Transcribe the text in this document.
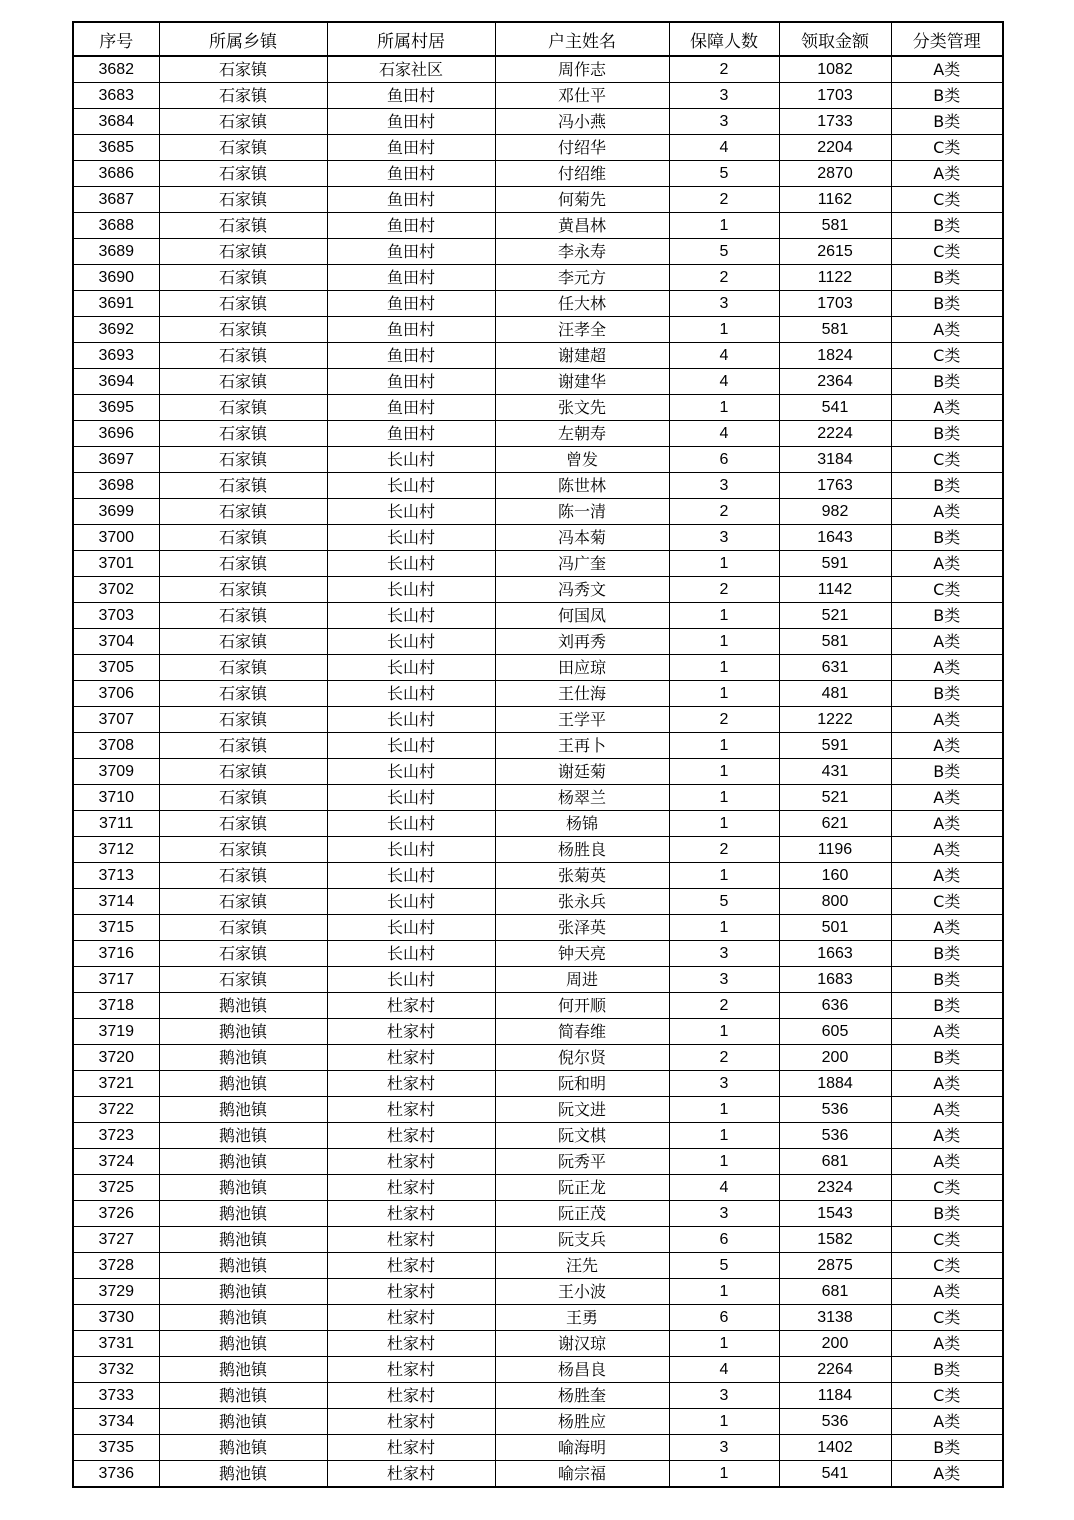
序号	所属乡镇	所属村居	户主姓名	保障人数	领取金额	分类管理
3682	石家镇	石家社区	周作志	2	1082	A类
3683	石家镇	鱼田村	邓仕平	3	1703	B类
3684	石家镇	鱼田村	冯小燕	3	1733	B类
3685	石家镇	鱼田村	付绍华	4	2204	C类
3686	石家镇	鱼田村	付绍维	5	2870	A类
3687	石家镇	鱼田村	何菊先	2	1162	C类
3688	石家镇	鱼田村	黄昌林	1	581	B类
3689	石家镇	鱼田村	李永寿	5	2615	C类
3690	石家镇	鱼田村	李元方	2	1122	B类
3691	石家镇	鱼田村	任大林	3	1703	B类
3692	石家镇	鱼田村	汪孝全	1	581	A类
3693	石家镇	鱼田村	谢建超	4	1824	C类
3694	石家镇	鱼田村	谢建华	4	2364	B类
3695	石家镇	鱼田村	张文先	1	541	A类
3696	石家镇	鱼田村	左朝寿	4	2224	B类
3697	石家镇	长山村	曾发	6	3184	C类
3698	石家镇	长山村	陈世林	3	1763	B类
3699	石家镇	长山村	陈一清	2	982	A类
3700	石家镇	长山村	冯本菊	3	1643	B类
3701	石家镇	长山村	冯广奎	1	591	A类
3702	石家镇	长山村	冯秀文	2	1142	C类
3703	石家镇	长山村	何国凤	1	521	B类
3704	石家镇	长山村	刘再秀	1	581	A类
3705	石家镇	长山村	田应琼	1	631	A类
3706	石家镇	长山村	王仕海	1	481	B类
3707	石家镇	长山村	王学平	2	1222	A类
3708	石家镇	长山村	王再卜	1	591	A类
3709	石家镇	长山村	谢廷菊	1	431	B类
3710	石家镇	长山村	杨翠兰	1	521	A类
3711	石家镇	长山村	杨锦	1	621	A类
3712	石家镇	长山村	杨胜良	2	1196	A类
3713	石家镇	长山村	张菊英	1	160	A类
3714	石家镇	长山村	张永兵	5	800	C类
3715	石家镇	长山村	张泽英	1	501	A类
3716	石家镇	长山村	钟天亮	3	1663	B类
3717	石家镇	长山村	周进	3	1683	B类
3718	鹅池镇	杜家村	何开顺	2	636	B类
3719	鹅池镇	杜家村	简春维	1	605	A类
3720	鹅池镇	杜家村	倪尔贤	2	200	B类
3721	鹅池镇	杜家村	阮和明	3	1884	A类
3722	鹅池镇	杜家村	阮文进	1	536	A类
3723	鹅池镇	杜家村	阮文棋	1	536	A类
3724	鹅池镇	杜家村	阮秀平	1	681	A类
3725	鹅池镇	杜家村	阮正龙	4	2324	C类
3726	鹅池镇	杜家村	阮正茂	3	1543	B类
3727	鹅池镇	杜家村	阮支兵	6	1582	C类
3728	鹅池镇	杜家村	汪先	5	2875	C类
3729	鹅池镇	杜家村	王小波	1	681	A类
3730	鹅池镇	杜家村	王勇	6	3138	C类
3731	鹅池镇	杜家村	谢汉琼	1	200	A类
3732	鹅池镇	杜家村	杨昌良	4	2264	B类
3733	鹅池镇	杜家村	杨胜奎	3	1184	C类
3734	鹅池镇	杜家村	杨胜应	1	536	A类
3735	鹅池镇	杜家村	喻海明	3	1402	B类
3736	鹅池镇	杜家村	喻宗福	1	541	A类
